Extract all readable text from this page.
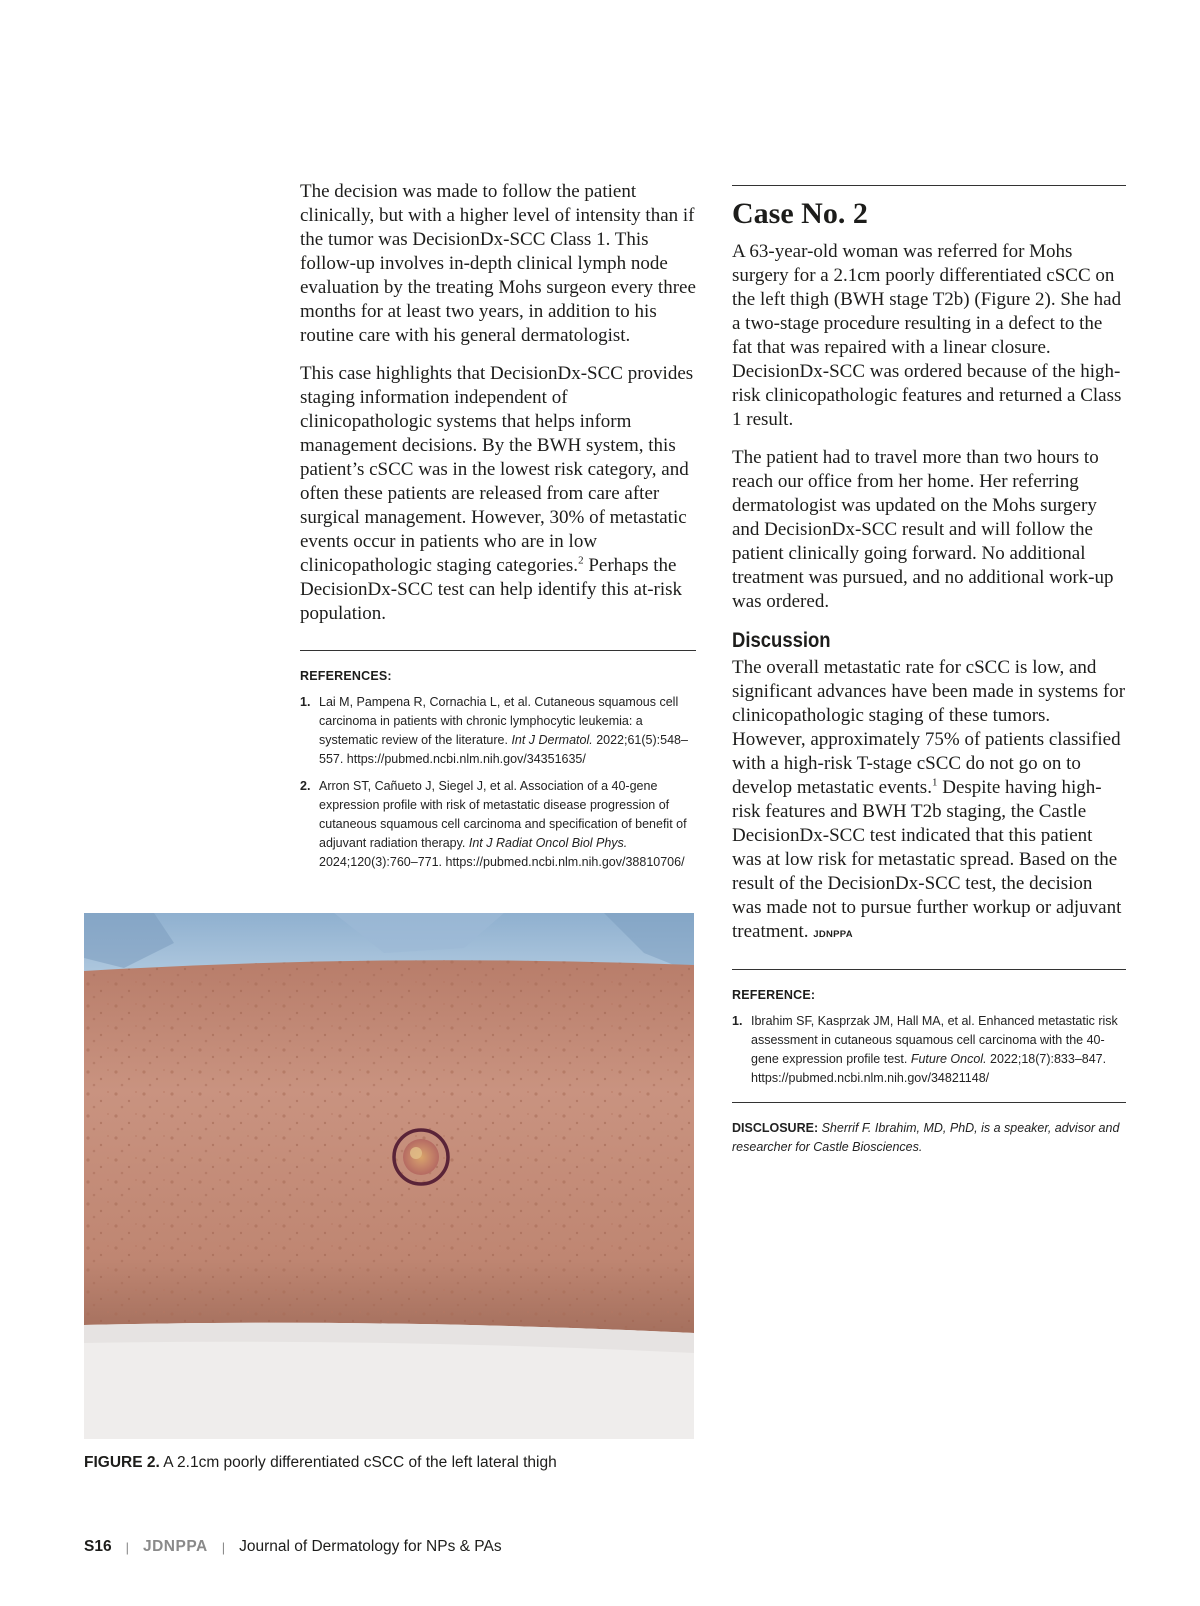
The decision was made to follow the patient clinically, but with a higher level of intensity than if the tumor was DecisionDx-SCC Class 1. This follow-up involves in-depth clinical lymph node evaluation by the treating Mohs surgeon every three months for at least two years, in addition to his routine care with his general dermatologist.

This case highlights that DecisionDx-SCC provides staging information independent of clinicopathologic systems that helps inform management decisions. By the BWH system, this patient’s cSCC was in the lowest risk category, and often these patients are released from care after surgical management. However, 30% of metastatic events occur in patients who are in low clinicopathologic staging categories.$^2$ Perhaps the DecisionDx-SCC test can help identify this at-risk population.

REFERENCES:
1. Lai M, Pampena R, Cornachia L, et al. Cutaneous squamous cell carcinoma in patients with chronic lymphocytic leukemia: a systematic review of the literature. Int J Dermatol. 2022;61(5):548–557. https://pubmed.ncbi.nlm.nih.gov/34351635/
2. Arron ST, Cañueto J, Siegel J, et al. Association of a 40-gene expression profile with risk of metastatic disease progression of cutaneous squamous cell carcinoma and specification of benefit of adjuvant radiation therapy. Int J Radiat Oncol Biol Phys. 2024;120(3):760–771. https://pubmed.ncbi.nlm.nih.gov/38810706/
Case No. 2

A 63-year-old woman was referred for Mohs surgery for a 2.1cm poorly differentiated cSCC on the left thigh (BWH stage T2b) (Figure 2). She had a two-stage procedure resulting in a defect to the fat that was repaired with a linear closure. DecisionDx-SCC was ordered because of the high-risk clinicopathologic features and returned a Class 1 result.

The patient had to travel more than two hours to reach our office from her home. Her referring dermatologist was updated on the Mohs surgery and DecisionDx-SCC result and will follow the patient clinically going forward. No additional treatment was pursued, and no additional work-up was ordered.

Discussion

The overall metastatic rate for cSCC is low, and significant advances have been made in systems for clinicopathologic staging of these tumors. However, approximately 75% of patients classified with a high-risk T-stage cSCC do not go on to develop metastatic events.$^1$ Despite having high-risk features and BWH T2b staging, the Castle DecisionDx-SCC test indicated that this patient was at low risk for metastatic spread. Based on the result of the DecisionDx-SCC test, the decision was made not to pursue further workup or adjuvant treatment. JDNPPA

REFERENCE:
1. Ibrahim SF, Kasprzak JM, Hall MA, et al. Enhanced metastatic risk assessment in cutaneous squamous cell carcinoma with the 40-gene expression profile test. Future Oncol. 2022;18(7):833–847. https://pubmed.ncbi.nlm.nih.gov/34821148/
DISCLOSURE: Sherrif F. Ibrahim, MD, PhD, is a speaker, advisor and researcher for Castle Biosciences.
FIGURE 2. A 2.1cm poorly differentiated cSCC of the left lateral thigh
S16 | JDNPPA | Journal of Dermatology for NPs & PAs
